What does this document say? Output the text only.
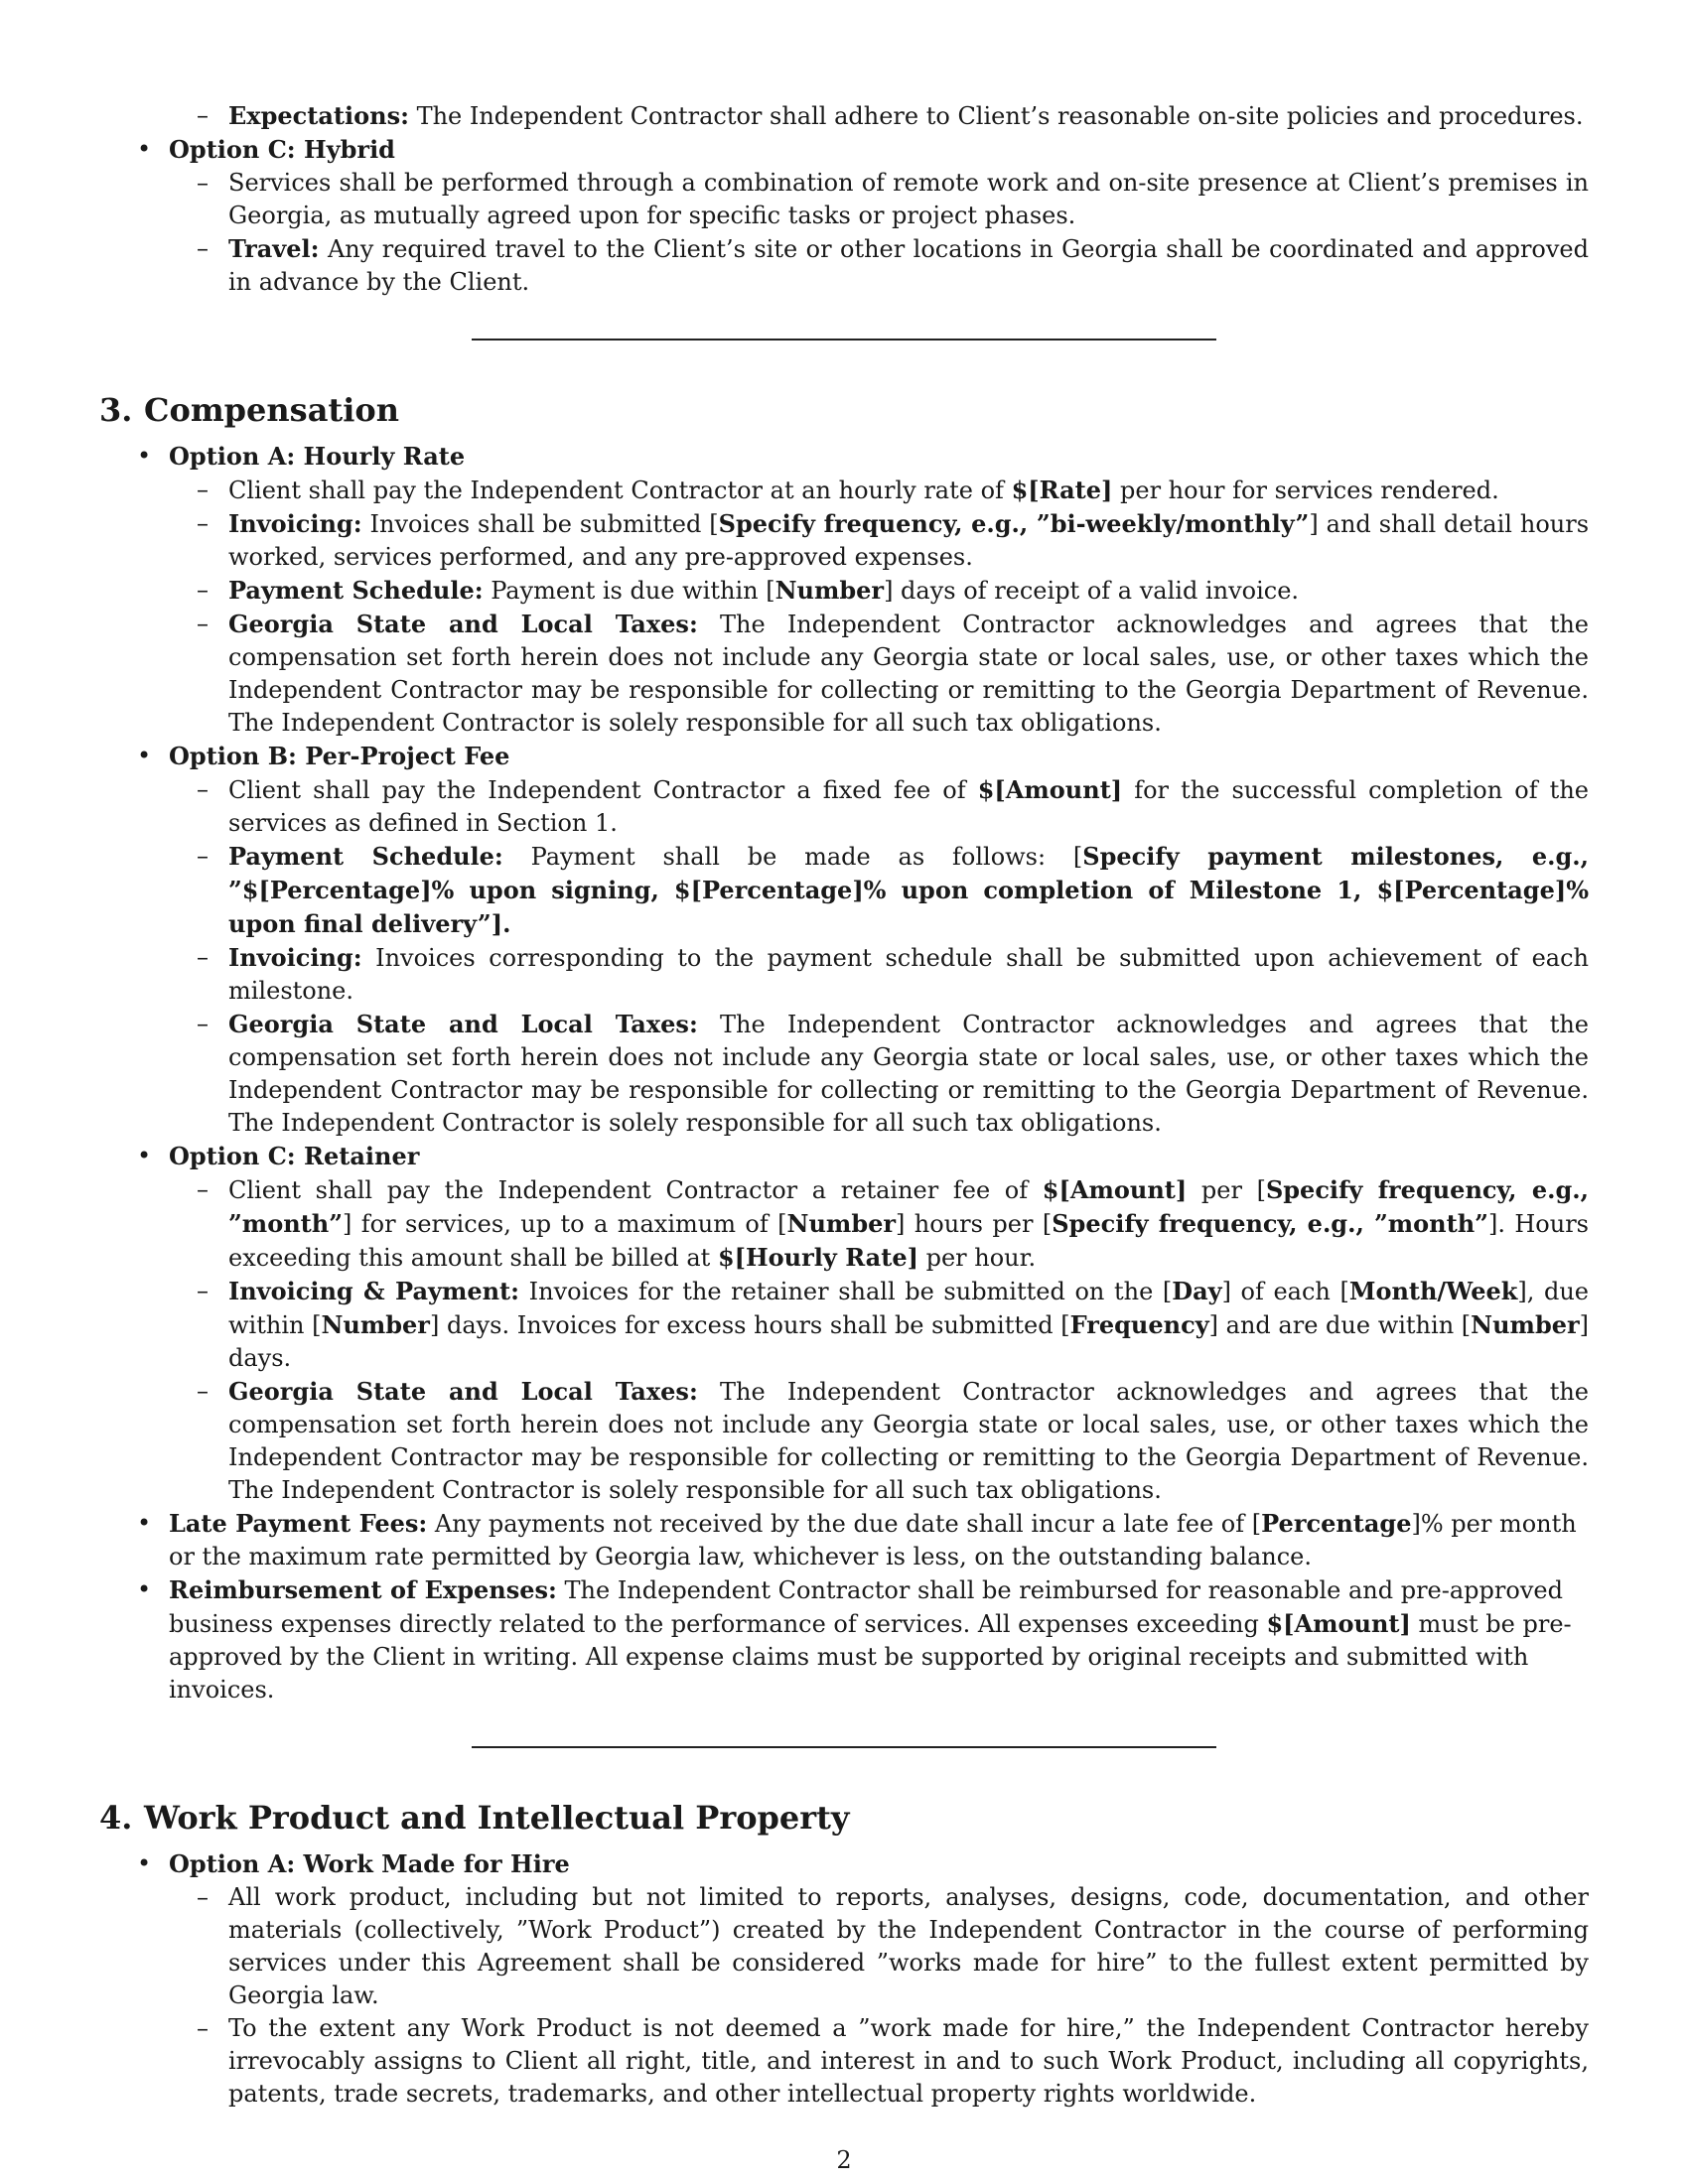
– Expectations: The Independent Contractor shall adhere to Client’s reasonable on-site policies and procedures.
• Option C: Hybrid
– Services shall be performed through a combination of remote work and on-site presence at Client’s premises in Georgia, as mutually agreed upon for specific tasks or project phases.
– Travel: Any required travel to the Client’s site or other locations in Georgia shall be coordinated and approved in advance by the Client.
3. Compensation
• Option A: Hourly Rate
– Client shall pay the Independent Contractor at an hourly rate of $[Rate] per hour for services rendered.
– Invoicing: Invoices shall be submitted [Specify frequency, e.g., ”bi-weekly/monthly”] and shall detail hours worked, services performed, and any pre-approved expenses.
– Payment Schedule: Payment is due within [Number] days of receipt of a valid invoice.
– Georgia State and Local Taxes: The Independent Contractor acknowledges and agrees that the compensation set forth herein does not include any Georgia state or local sales, use, or other taxes which the Independent Contractor may be responsible for collecting or remitting to the Georgia Department of Revenue. The Independent Contractor is solely responsible for all such tax obligations.
• Option B: Per-Project Fee
– Client shall pay the Independent Contractor a fixed fee of $[Amount] for the successful completion of the services as defined in Section 1.
– Payment Schedule: Payment shall be made as follows: [Specify payment milestones, e.g., ”$[Percentage]% upon signing, $[Percentage]% upon completion of Milestone 1, $[Percentage]% upon final delivery”].
– Invoicing: Invoices corresponding to the payment schedule shall be submitted upon achievement of each milestone.
– Georgia State and Local Taxes: The Independent Contractor acknowledges and agrees that the compensation set forth herein does not include any Georgia state or local sales, use, or other taxes which the Independent Contractor may be responsible for collecting or remitting to the Georgia Department of Revenue. The Independent Contractor is solely responsible for all such tax obligations.
• Option C: Retainer
– Client shall pay the Independent Contractor a retainer fee of $[Amount] per [Specify frequency, e.g., ”month”] for services, up to a maximum of [Number] hours per [Specify frequency, e.g., ”month”]. Hours exceeding this amount shall be billed at $[Hourly Rate] per hour.
– Invoicing & Payment: Invoices for the retainer shall be submitted on the [Day] of each [Month/Week], due within [Number] days. Invoices for excess hours shall be submitted [Frequency] and are due within [Number] days.
– Georgia State and Local Taxes: The Independent Contractor acknowledges and agrees that the compensation set forth herein does not include any Georgia state or local sales, use, or other taxes which the Independent Contractor may be responsible for collecting or remitting to the Georgia Department of Revenue. The Independent Contractor is solely responsible for all such tax obligations.
• Late Payment Fees: Any payments not received by the due date shall incur a late fee of [Percentage]% per month or the maximum rate permitted by Georgia law, whichever is less, on the outstanding balance.
• Reimbursement of Expenses: The Independent Contractor shall be reimbursed for reasonable and pre-approved business expenses directly related to the performance of services. All expenses exceeding $[Amount] must be pre-approved by the Client in writing. All expense claims must be supported by original receipts and submitted with invoices.
4. Work Product and Intellectual Property
• Option A: Work Made for Hire
– All work product, including but not limited to reports, analyses, designs, code, documentation, and other materials (collectively, ”Work Product”) created by the Independent Contractor in the course of performing services under this Agreement shall be considered ”works made for hire” to the fullest extent permitted by Georgia law.
– To the extent any Work Product is not deemed a ”work made for hire,” the Independent Contractor hereby irrevocably assigns to Client all right, title, and interest in and to such Work Product, including all copyrights, patents, trade secrets, trademarks, and other intellectual property rights worldwide.
2
